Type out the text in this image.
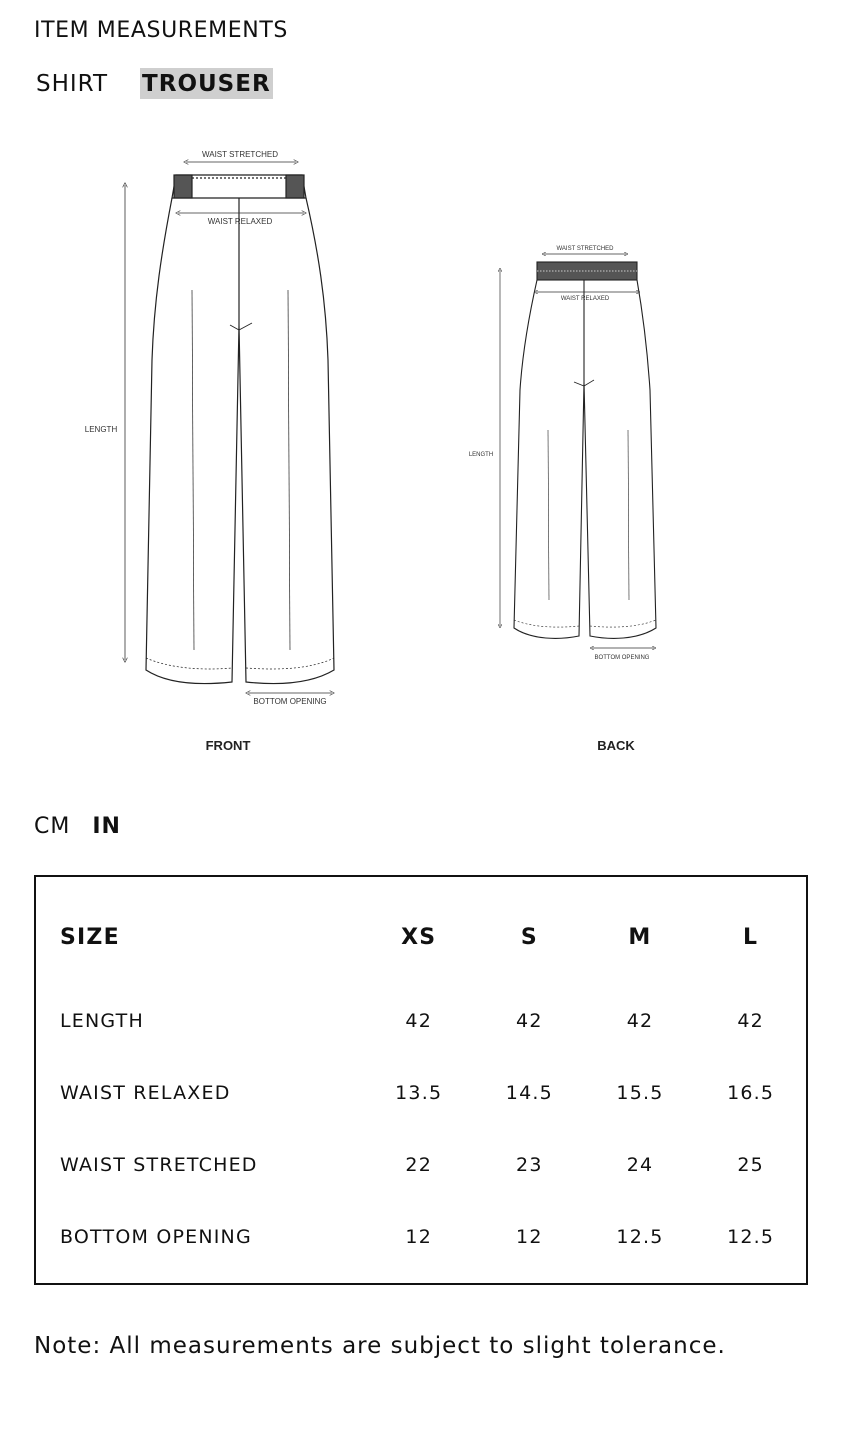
ITEM MEASUREMENTS
SHIRT TROUSER
WAIST STRETCHED
WAIST RELAXED
LENGTH
BOTTOM OPENING
FRONT
WAIST STRETCHED
WAIST RELAXED
LENGTH
BOTTOM OPENING
BACK
CM IN
SIZE	XS	S	M	L
LENGTH	42	42	42	42
WAIST RELAXED	13.5	14.5	15.5	16.5
WAIST STRETCHED	22	23	24	25
BOTTOM OPENING	12	12	12.5	12.5

Note: All measurements are subject to slight tolerance.
